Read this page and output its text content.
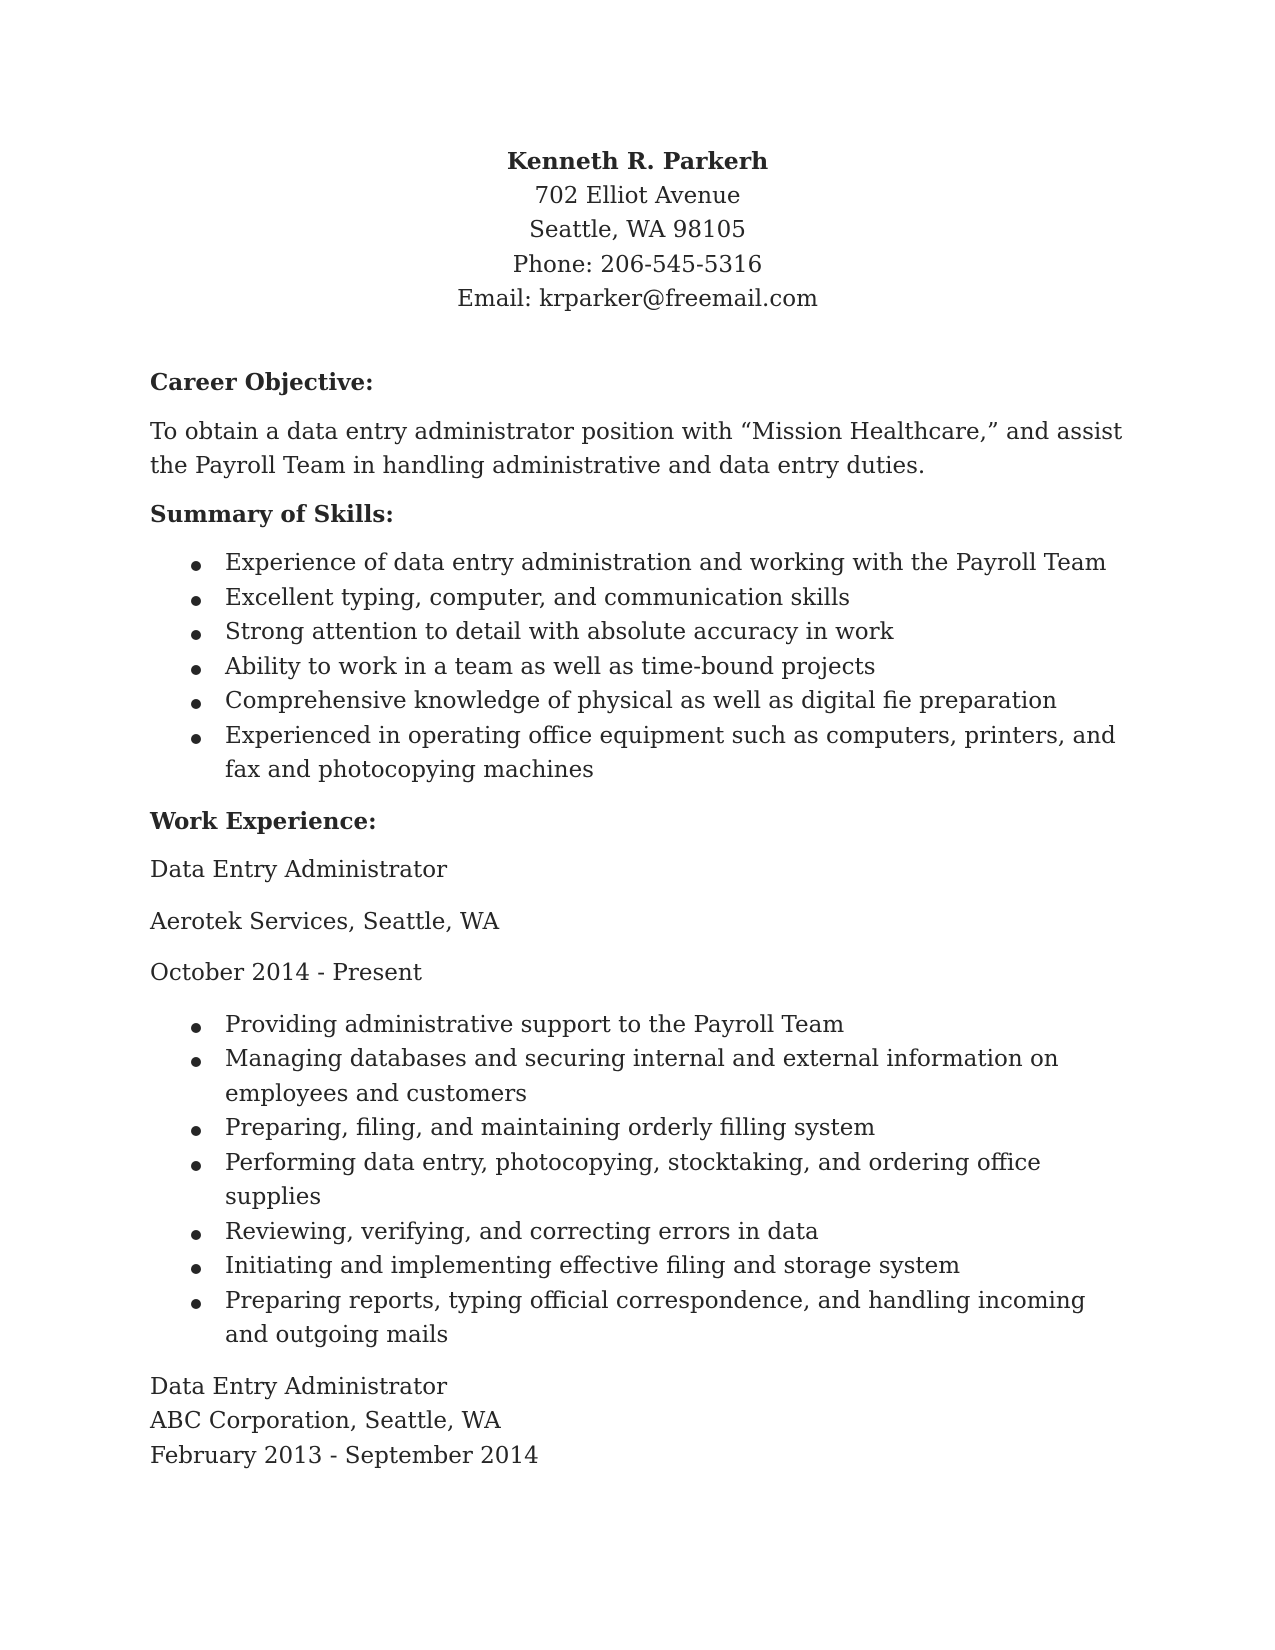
Kenneth R. Parkerh
702 Elliot Avenue
Seattle, WA 98105
Phone: 206-545-5316
Email: krparker@freemail.com
Career Objective:
To obtain a data entry administrator position with “Mission Healthcare,” and assist the Payroll Team in handling administrative and data entry duties.
Summary of Skills:
Experience of data entry administration and working with the Payroll Team
Excellent typing, computer, and communication skills
Strong attention to detail with absolute accuracy in work
Ability to work in a team as well as time-bound projects
Comprehensive knowledge of physical as well as digital fie preparation
Experienced in operating office equipment such as computers, printers, and fax and photocopying machines
Work Experience:
Data Entry Administrator
Aerotek Services, Seattle, WA
October 2014 - Present
Providing administrative support to the Payroll Team
Managing databases and securing internal and external information on employees and customers
Preparing, filing, and maintaining orderly filling system
Performing data entry, photocopying, stocktaking, and ordering office supplies
Reviewing, verifying, and correcting errors in data
Initiating and implementing effective filing and storage system
Preparing reports, typing official correspondence, and handling incoming and outgoing mails
Data Entry Administrator
ABC Corporation, Seattle, WA
February 2013 - September 2014
